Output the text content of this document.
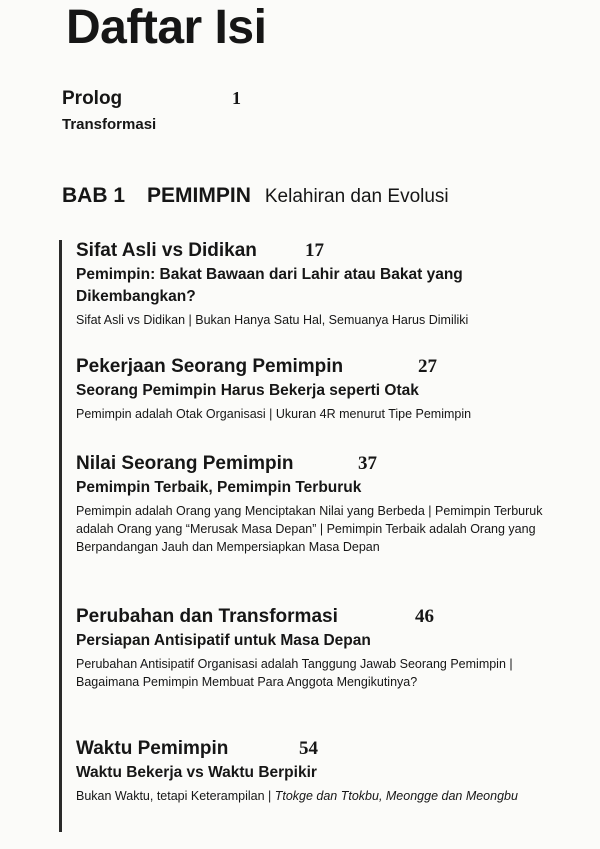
Daftar Isi
Prolog	1
Transformasi
BAB 1 PEMIMPIN Kelahiran dan Evolusi
Sifat Asli vs Didikan	17
Pemimpin: Bakat Bawaan dari Lahir atau Bakat yang Dikembangkan?
Sifat Asli vs Didikan | Bukan Hanya Satu Hal, Semuanya Harus Dimiliki
Pekerjaan Seorang Pemimpin	27
Seorang Pemimpin Harus Bekerja seperti Otak
Pemimpin adalah Otak Organisasi | Ukuran 4R menurut Tipe Pemimpin
Nilai Seorang Pemimpin	37
Pemimpin Terbaik, Pemimpin Terburuk
Pemimpin adalah Orang yang Menciptakan Nilai yang Berbeda | Pemimpin Terburuk adalah Orang yang “Merusak Masa Depan” | Pemimpin Terbaik adalah Orang yang Berpandangan Jauh dan Mempersiapkan Masa Depan
Perubahan dan Transformasi	46
Persiapan Antisipatif untuk Masa Depan
Perubahan Antisipatif Organisasi adalah Tanggung Jawab Seorang Pemimpin | Bagaimana Pemimpin Membuat Para Anggota Mengikutinya?
Waktu Pemimpin	54
Waktu Bekerja vs Waktu Berpikir
Bukan Waktu, tetapi Keterampilan | Ttokge dan Ttokbu, Meongge dan Meongbu
